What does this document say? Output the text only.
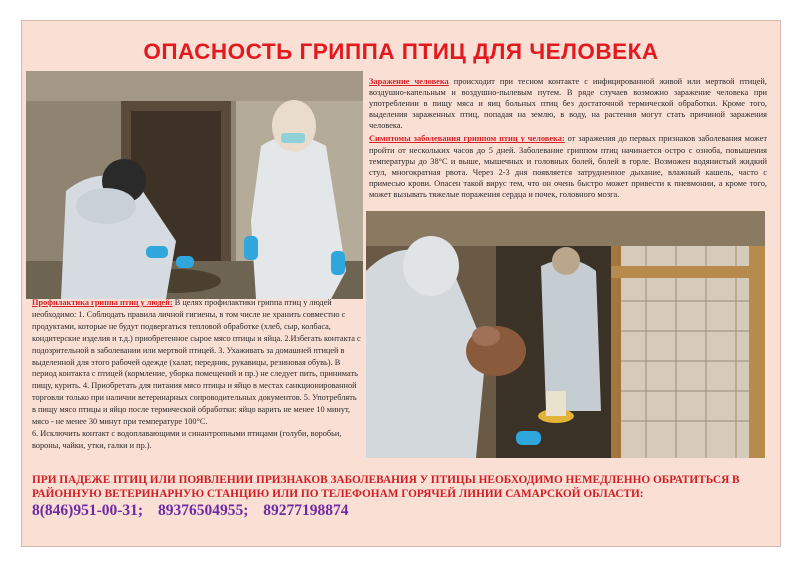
ОПАСНОСТЬ ГРИППА ПТИЦ ДЛЯ ЧЕЛОВЕКА

Заражение человека происходит при тесном контакте с инфицированной живой или мертвой птицей, воздушно-капельным и воздушно-пылевым путем. В ряде случаев возможно заражение человека при употреблении в пищу мяса и яиц больных птиц без достаточной термической обработки. Кроме того, выделения зараженных птиц, попадая на землю, в воду, на растения могут стать причиной заражения человека.

Симптомы заболевания гриппом птиц у человека: от заражения до первых признаков заболевания может пройти от нескольких часов до 5 дней. Заболевание гриппом птиц начинается остро с озноба, повышения температуры до 38°С и выше, мышечных и головных болей, болей в горле. Возможен водянистый жидкий стул, многократная рвота. Через 2-3 дня появляется затрудненное дыхание, влажный кашель, часто с примесью крови. Опасен такой вирус тем, что он очень быстро может привести к пневмонии, а кроме того, может вызывать тяжелые поражения сердца и почек, головного мозга.

Профилактика гриппа птиц у людей: В целях профилактики гриппа птиц у людей необходимо: 1. Соблюдать правила личной гигиены, в том числе не хранить совместно с продуктами, которые не будут подвергаться тепловой обработке (хлеб, сыр, колбаса, кондитерские изделия и т.д.) приобретенное сырое мясо птицы и яйца. 2.Избегать контакта с подозрительной в заболевании или мертвой птицей. 3. Ухаживать за домашней птицей в выделенной для этого рабочей одежде (халат, передник, рукавицы, резиновая обувь). В период контакта с птицей (кормление, уборка помещений и пр.) не следует пить, принимать пищу, курить. 4. Приобретать для питания мясо птицы и яйцо в местах санкционированной торговли только при наличии ветеринарных сопроводительных документов. 5. Употреблять в пищу мясо птицы и яйцо после термической обработки: яйцо варить не менее 10 минут, мясо - не менее 30 минут при температуре 100°С.
6. Исключить контакт с водоплавающими и синантропными птицами (голуби, воробьи, вороны, чайки, утки, галки и пр.).
ПРИ ПАДЕЖЕ ПТИЦ ИЛИ ПОЯВЛЕНИИ ПРИЗНАКОВ ЗАБОЛЕВАНИЯ У ПТИЦЫ НЕОБХОДИМО НЕМЕДЛЕННО ОБРАТИТЬСЯ В РАЙОННУЮ ВЕТЕРИНАРНУЮ СТАНЦИЮ ИЛИ ПО ТЕЛЕФОНАМ ГОРЯЧЕЙ ЛИНИИ САМАРСКОЙ ОБЛАСТИ:
8(846)951-00-31; 89376504955; 89277198874
